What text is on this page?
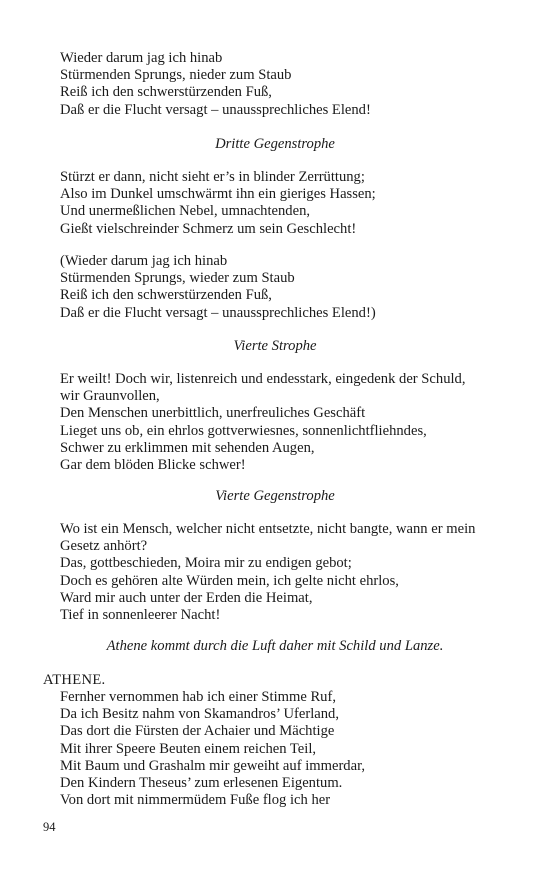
Wieder darum jag ich hinab
Stürmenden Sprungs, nieder zum Staub
Reiß ich den schwerstürzenden Fuß,
Daß er die Flucht versagt – unaussprechliches Elend!
Dritte Gegenstrophe
Stürzt er dann, nicht sieht er’s in blinder Zerrüttung;
Also im Dunkel umschwärmt ihn ein gieriges Hassen;
Und unermeßlichen Nebel, umnachtenden,
Gießt vielschreinder Schmerz um sein Geschlecht!
(Wieder darum jag ich hinab
Stürmenden Sprungs, wieder zum Staub
Reiß ich den schwerstürzenden Fuß,
Daß er die Flucht versagt – unaussprechliches Elend!)
Vierte Strophe
Er weilt! Doch wir, listenreich und endesstark, eingedenk der Schuld,
wir Graunvollen,
Den Menschen unerbittlich, unerfreuliches Geschäft
Lieget uns ob, ein ehrlos gottverwiesnes, sonnenlichtfliehndes,
Schwer zu erklimmen mit sehenden Augen,
Gar dem blöden Blicke schwer!
Vierte Gegenstrophe
Wo ist ein Mensch, welcher nicht entsetzte, nicht bangte, wann er mein
Gesetz anhört?
Das, gottbeschieden, Moira mir zu endigen gebot;
Doch es gehören alte Würden mein, ich gelte nicht ehrlos,
Ward mir auch unter der Erden die Heimat,
Tief in sonnenleerer Nacht!
Athene kommt durch die Luft daher mit Schild und Lanze.
ATHENE.
Fernher vernommen hab ich einer Stimme Ruf,
Da ich Besitz nahm von Skamandros’ Uferland,
Das dort die Fürsten der Achaier und Mächtige
Mit ihrer Speere Beuten einem reichen Teil,
Mit Baum und Grashalm mir geweiht auf immerdar,
Den Kindern Theseus’ zum erlesenen Eigentum.
Von dort mit nimmermüdem Fuße flog ich her
94
